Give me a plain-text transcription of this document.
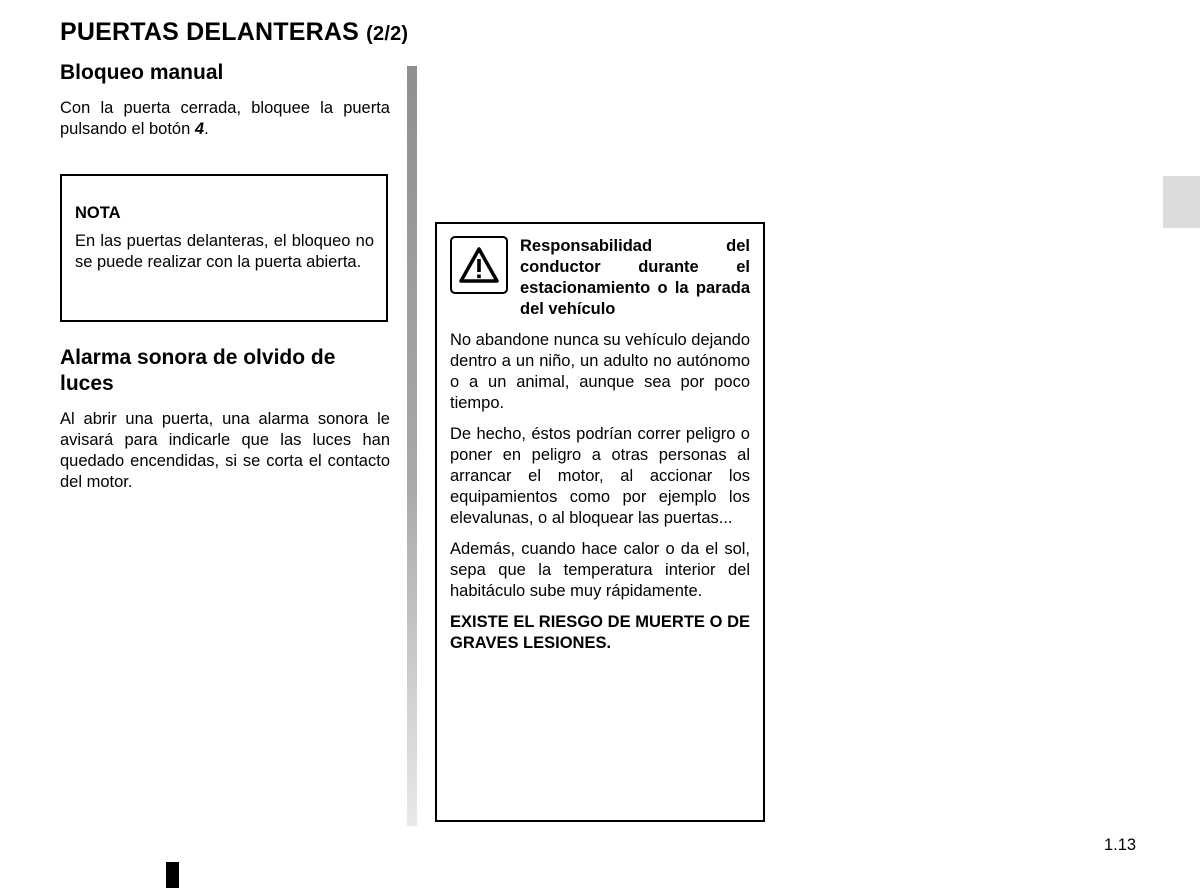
PUERTAS DELANTERAS (2/2)
Bloqueo manual

Con la puerta cerrada, bloquee la puerta pulsando el botón 4.

NOTA

En las puertas delanteras, el bloqueo no se puede realizar con la puerta abierta.

Alarma sonora de olvido de luces

Al abrir una puerta, una alarma sonora le avisará para indicarle que las luces han quedado encendidas, si se corta el contacto del motor.

Responsabilidad del conductor durante el estacionamiento o la parada del vehículo

No abandone nunca su vehículo dejando dentro a un niño, un adulto no autónomo o a un animal, aunque sea por poco tiempo.

De hecho, éstos podrían correr peligro o poner en peligro a otras personas al arrancar el motor, al accionar los equipamientos como por ejemplo los elevalunas, o al bloquear las puertas...

Además, cuando hace calor o da el sol, sepa que la temperatura interior del habitáculo sube muy rápidamente.

EXISTE EL RIESGO DE MUERTE O DE GRAVES LESIONES.

1.13
